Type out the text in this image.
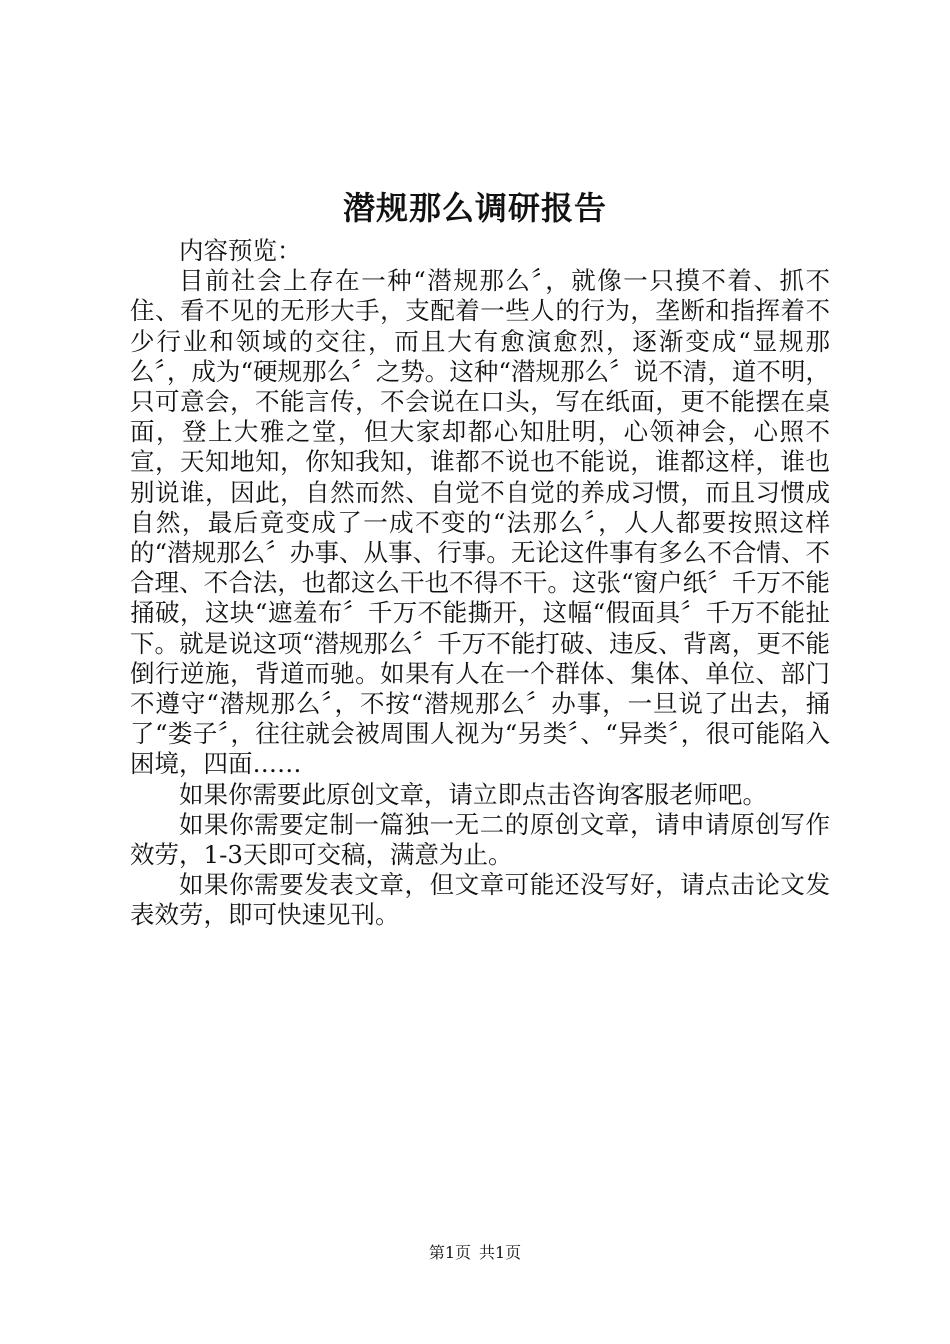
潜规那么调研报告

内容预览：

目前社会上存在一种“潜规那么〞，就像一只摸不着、抓不住、看不见的无形大手，支配着一些人的行为，垄断和指挥着不少行业和领域的交往，而且大有愈演愈烈，逐渐变成“显规那么〞，成为“硬规那么〞之势。这种“潜规那么〞说不清，道不明，只可意会，不能言传，不会说在口头，写在纸面，更不能摆在桌面，登上大雅之堂，但大家却都心知肚明，心领神会，心照不宣，天知地知，你知我知，谁都不说也不能说，谁都这样，谁也别说谁，因此，自然而然、自觉不自觉的养成习惯，而且习惯成自然，最后竟变成了一成不变的“法那么〞，人人都要按照这样的“潜规那么〞办事、从事、行事。无论这件事有多么不合情、不合理、不合法，也都这么干也不得不干。这张“窗户纸〞千万不能捅破，这块“遮羞布〞千万不能撕开，这幅“假面具〞千万不能扯下。就是说这项“潜规那么〞千万不能打破、违反、背离，更不能倒行逆施，背道而驰。如果有人在一个群体、集体、单位、部门不遵守“潜规那么〞，不按“潜规那么〞办事，一旦说了出去，捅了“娄子〞，往往就会被周围人视为“另类〞、“异类〞，很可能陷入困境，四面……

如果你需要此原创文章，请立即点击咨询客服老师吧。

如果你需要定制一篇独一无二的原创文章，请申请原创写作效劳，1-3天即可交稿，满意为止。

如果你需要发表文章，但文章可能还没写好，请点击论文发表效劳，即可快速见刊。

第1页 共1页
